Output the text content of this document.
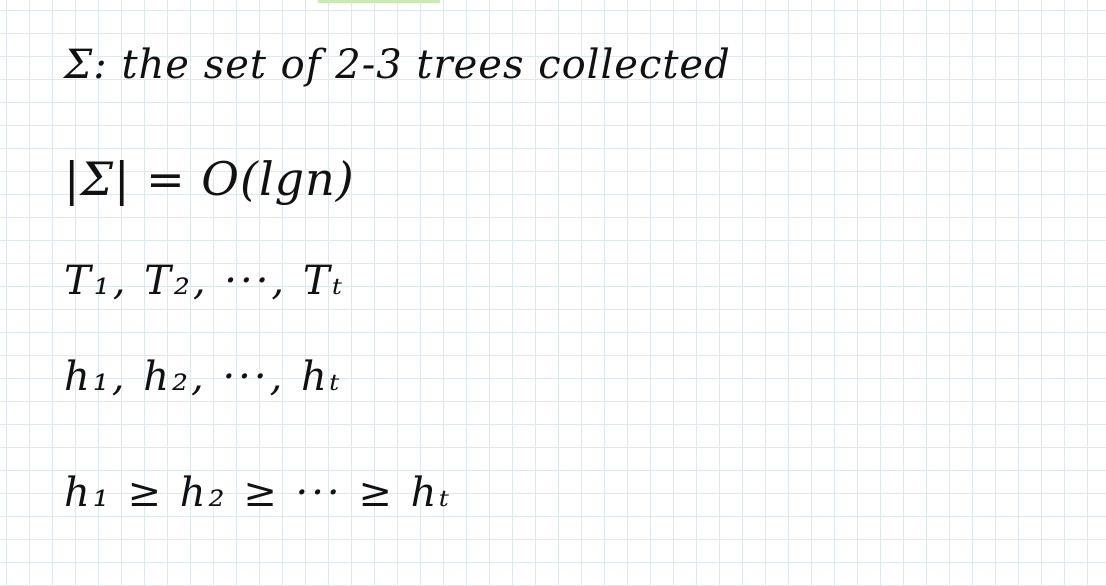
Σ: the set of 2-3 trees collected
|Σ| = O(lgn)
T₁, T₂, ···, Tₜ
h₁, h₂, ···, hₜ
h₁ ≥ h₂ ≥ ··· ≥ hₜ
